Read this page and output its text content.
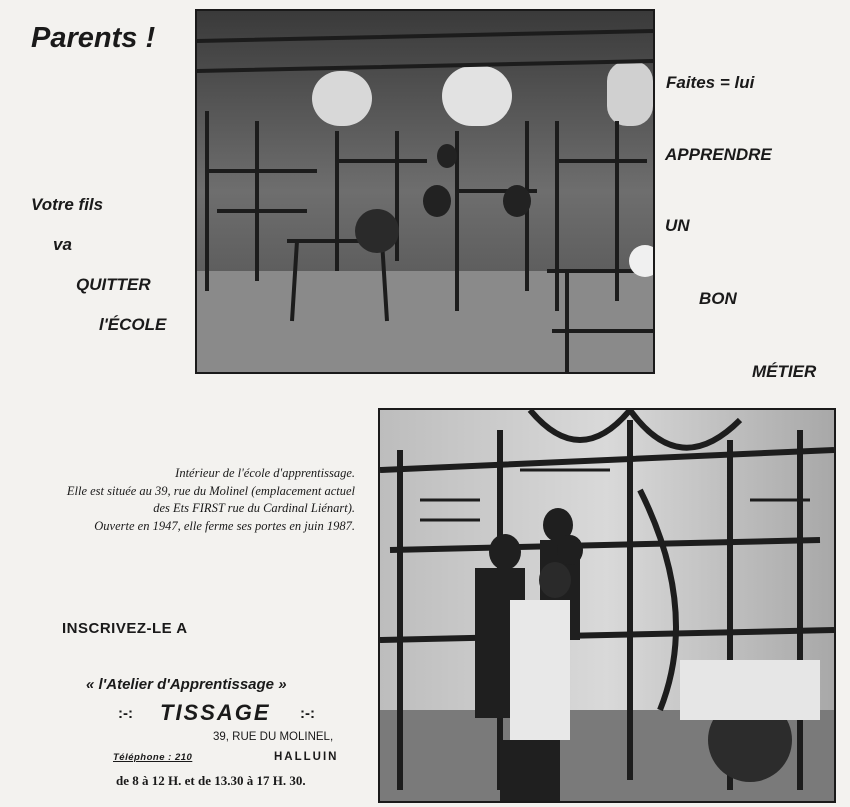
Parents !
Votre fils
va
QUITTER
l'ÉCOLE
Faites = lui
APPRENDRE
UN
BON
MÉTIER
Intérieur de l'école d'apprentissage.
Elle est située au 39, rue du Molinel (emplacement actuel
des Ets FIRST rue du Cardinal Liénart).
Ouverte en 1947, elle ferme ses portes en juin 1987.
INSCRIVEZ-LE A
« l'Atelier d'Apprentissage »
:-: TISSAGE :-:
39, RUE DU MOLINEL,
Téléphone : 210	HALLUIN
de 8 à 12 H. et de 13.30 à 17 H. 30.
